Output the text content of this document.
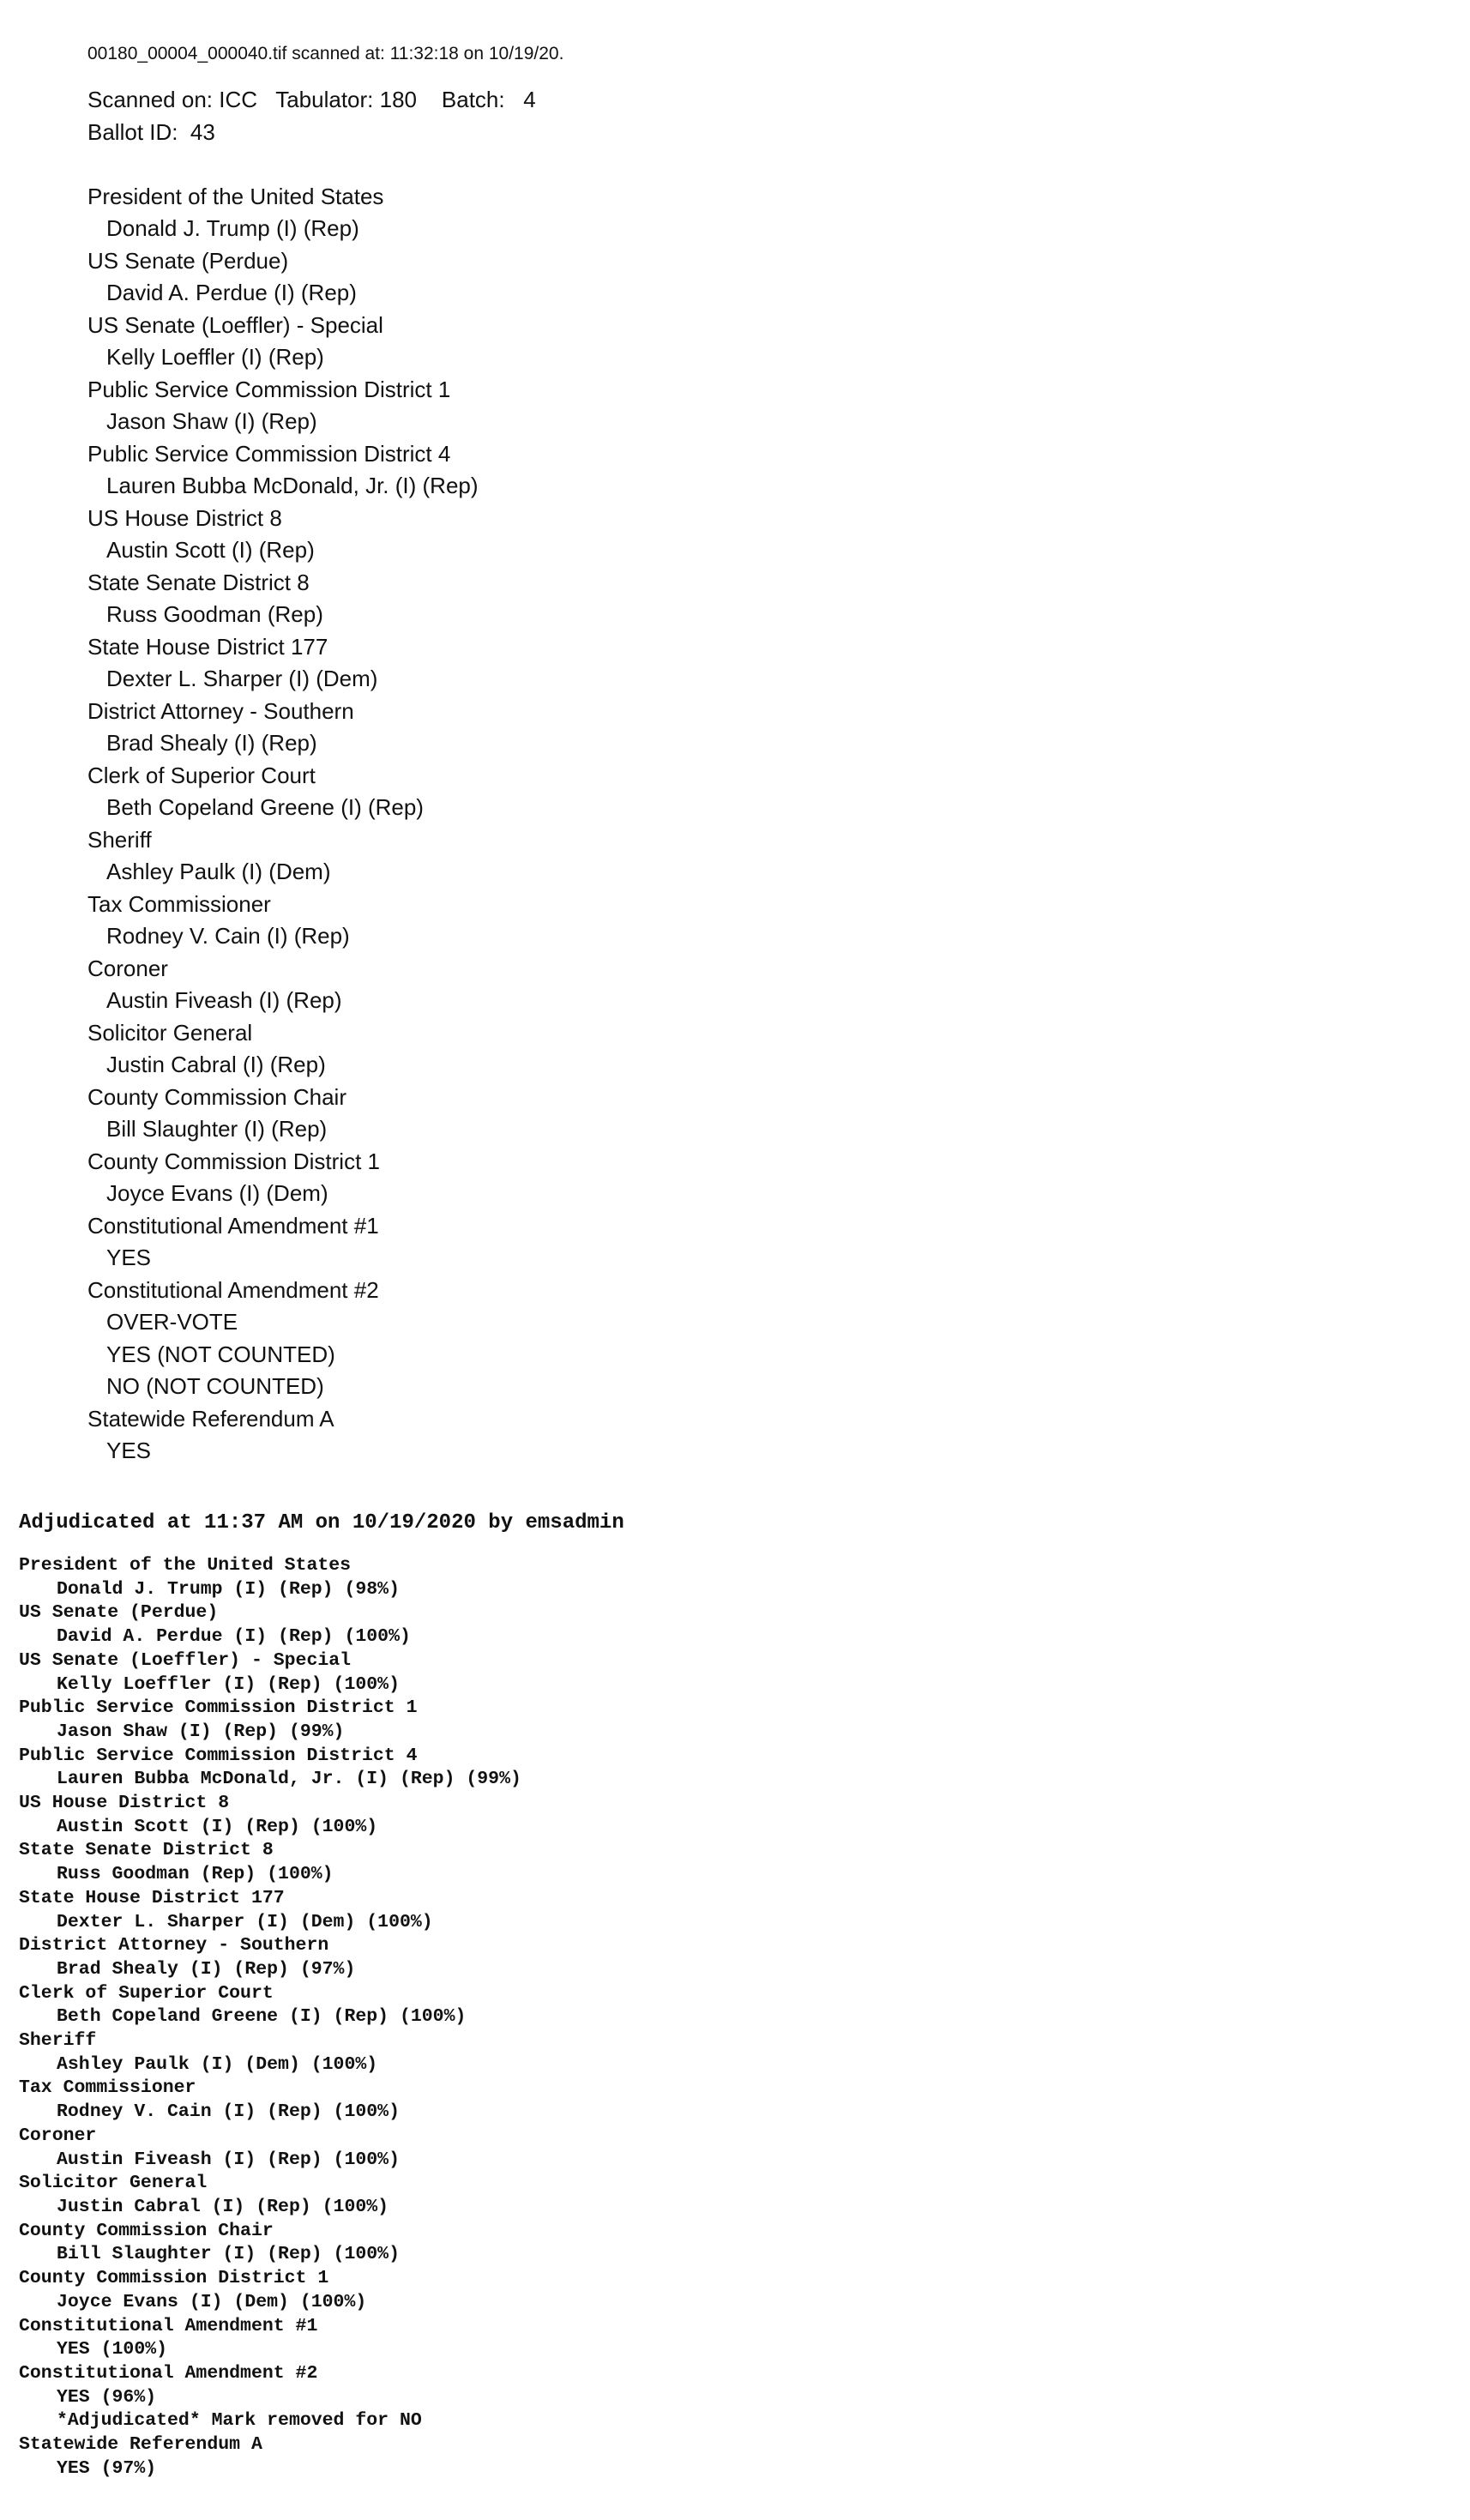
00180_00004_000040.tif scanned at: 11:32:18 on 10/19/20.
Scanned on: ICC   Tabulator: 180    Batch:   4
Ballot ID:  43
President of the United States
Donald J. Trump (I) (Rep)
US Senate (Perdue)
David A. Perdue (I) (Rep)
US Senate (Loeffler) - Special
Kelly Loeffler (I) (Rep)
Public Service Commission District 1
Jason Shaw (I) (Rep)
Public Service Commission District 4
Lauren Bubba McDonald, Jr. (I) (Rep)
US House District 8
Austin Scott (I) (Rep)
State Senate District 8
Russ Goodman (Rep)
State House District 177
Dexter L. Sharper (I) (Dem)
District Attorney - Southern
Brad Shealy (I) (Rep)
Clerk of Superior Court
Beth Copeland Greene (I) (Rep)
Sheriff
Ashley Paulk (I) (Dem)
Tax Commissioner
Rodney V. Cain (I) (Rep)
Coroner
Austin Fiveash (I) (Rep)
Solicitor General
Justin Cabral (I) (Rep)
County Commission Chair
Bill Slaughter (I) (Rep)
County Commission District 1
Joyce Evans (I) (Dem)
Constitutional Amendment #1
YES
Constitutional Amendment #2
OVER-VOTE
YES (NOT COUNTED)
NO (NOT COUNTED)
Statewide Referendum A
YES
Adjudicated at 11:37 AM on 10/19/2020 by emsadmin
President of the United States
Donald J. Trump (I) (Rep) (98%)
US Senate (Perdue)
David A. Perdue (I) (Rep) (100%)
US Senate (Loeffler) - Special
Kelly Loeffler (I) (Rep) (100%)
Public Service Commission District 1
Jason Shaw (I) (Rep) (99%)
Public Service Commission District 4
Lauren Bubba McDonald, Jr. (I) (Rep) (99%)
US House District 8
Austin Scott (I) (Rep) (100%)
State Senate District 8
Russ Goodman (Rep) (100%)
State House District 177
Dexter L. Sharper (I) (Dem) (100%)
District Attorney - Southern
Brad Shealy (I) (Rep) (97%)
Clerk of Superior Court
Beth Copeland Greene (I) (Rep) (100%)
Sheriff
Ashley Paulk (I) (Dem) (100%)
Tax Commissioner
Rodney V. Cain (I) (Rep) (100%)
Coroner
Austin Fiveash (I) (Rep) (100%)
Solicitor General
Justin Cabral (I) (Rep) (100%)
County Commission Chair
Bill Slaughter (I) (Rep) (100%)
County Commission District 1
Joyce Evans (I) (Dem) (100%)
Constitutional Amendment #1
YES (100%)
Constitutional Amendment #2
YES (96%)
*Adjudicated* Mark removed for NO
Statewide Referendum A
YES (97%)
